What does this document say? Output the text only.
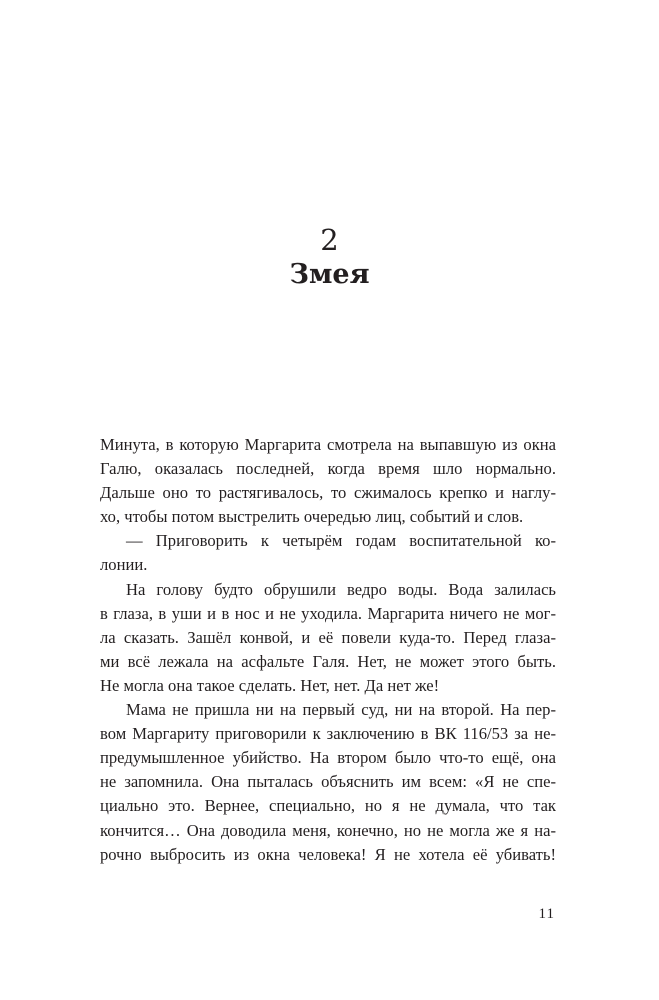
2
Змея
Минута, в которую Маргарита смотрела на выпавшую из окна
Галю, оказалась последней, когда время шло нормально.
Дальше оно то растягивалось, то сжималось крепко и наглу-
хо, чтобы потом выстрелить очередью лиц, событий и слов.
— Приговорить к четырём годам воспитательной ко-
лонии.
На голову будто обрушили ведро воды. Вода залилась
в глаза, в уши и в нос и не уходила. Маргарита ничего не мог-
ла сказать. Зашёл конвой, и её повели куда-то. Перед глаза-
ми всё лежала на асфальте Галя. Нет, не может этого быть.
Не могла она такое сделать. Нет, нет. Да нет же!
Мама не пришла ни на первый суд, ни на второй. На пер-
вом Маргариту приговорили к заключению в ВК 116/53 за не-
предумышленное убийство. На втором было что-то ещё, она
не запомнила. Она пыталась объяснить им всем: «Я не спе-
циально это. Вернее, специально, но я не думала, что так
кончится… Она доводила меня, конечно, но не могла же я на-
рочно выбросить из окна человека! Я не хотела её убивать!
11
